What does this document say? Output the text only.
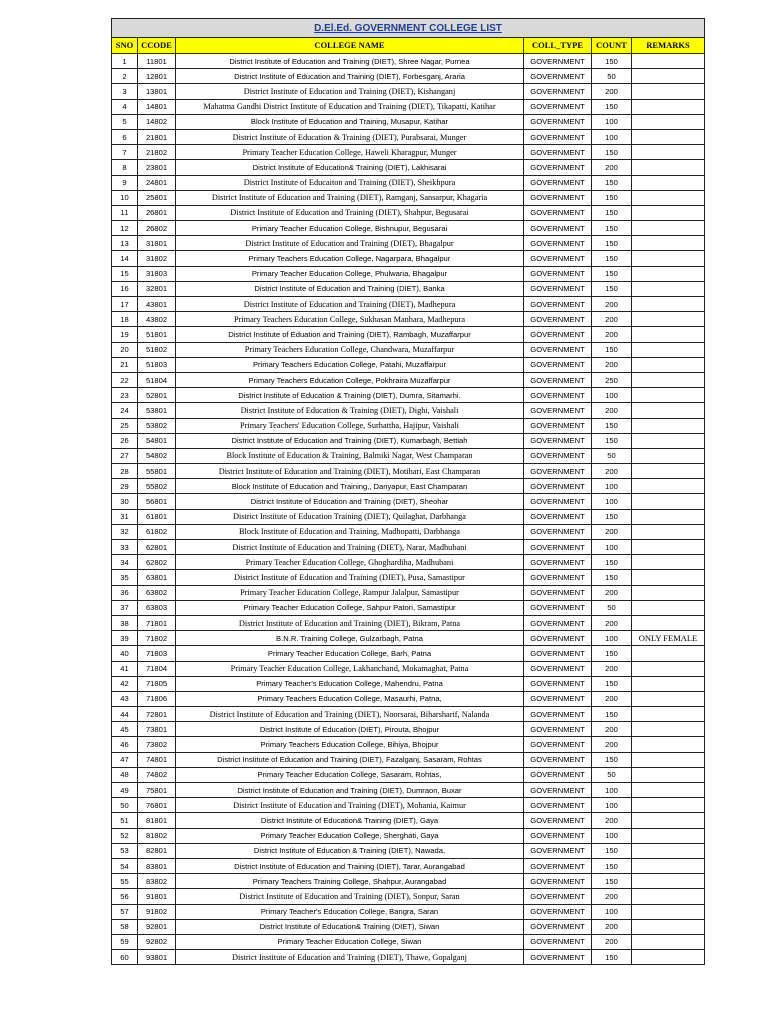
D.El.Ed. GOVERNMENT COLLEGE LIST					
SNO	CCODE	COLLEGE NAME	COLL_TYPE	COUNT	REMARKS
1	11801	District Institute of Education and Training (DIET), Shree Nagar, Purnea	GOVERNMENT	150	
2	12801	District Institute of Education and Training (DIET), Forbesganj, Araria	GOVERNMENT	50	
3	13801	District Institute of Education and Training (DIET), Kishanganj	GOVERNMENT	200	
4	14801	Mahatma Gandhi District Institute of Education and Training (DIET), Tikapatti, Katihar	GOVERNMENT	150	
5	14802	Block Institute of Education and Training, Musapur, Katihar	GOVERNMENT	100	
6	21801	District Institute of Education & Training (DIET), Purabsarai, Munger	GOVERNMENT	100	
7	21802	Primary Teacher Education College, Haweli Kharagpur, Munger	GOVERNMENT	150	
8	23801	District Institute of Education& Training (DIET), Lakhisarai	GOVERNMENT	200	
9	24801	District Institute of Educaiton and Training (DIET), Sheikhpura	GOVERNMENT	150	
10	25801	District Institute of Education and Training (DIET), Ramganj, Sansarpur, Khagaria	GOVERNMENT	150	
11	26801	District Institute of Education and Training (DIET), Shahpur, Begusarai	GOVERNMENT	150	
12	26802	Primary Teacher Education College, Bishnupur, Begusarai	GOVERNMENT	150	
13	31801	District Institute of Education and Training (DIET), Bhagalpur	GOVERNMENT	150	
14	31802	Primary Teachers Education College, Nagarpara, Bhagalpur	GOVERNMENT	150	
15	31803	Primary Teacher Education College, Phulwaria, Bhagalpur	GOVERNMENT	150	
16	32801	District Institute of Education and Training (DIET), Banka	GOVERNMENT	150	
17	43801	District Institute of Education and Training (DIET), Madhepura	GOVERNMENT	200	
18	43802	Primary Teachers Education College, Sukhasan Manhara, Madhepura	GOVERNMENT	200	
19	51801	District Institute of Eduation and Training (DIET), Rambagh, Muzaffarpur	GOVERNMENT	200	
20	51802	Primary Teachers Education College, Chandwara, Muzaffarpur	GOVERNMENT	150	
21	51803	Primary Teachers Education College, Patahi, Muzaffarpur	GOVERNMENT	200	
22	51804	Primary Teachers Education College, Pokhraira Muzaffarpur	GOVERNMENT	250	
23	52801	District Institute of Education & Training (DIET), Dumra, Sitamarhi.	GOVERNMENT	100	
24	53801	District Institute of Education & Training (DIET), Dighi, Vaishali	GOVERNMENT	200	
25	53802	Primary Teachers' Education College, Surhattha, Hajipur, Vaishali	GOVERNMENT	150	
26	54801	District Institute of Education and Training (DIET), Kumarbagh, Bettiah	GOVERNMENT	150	
27	54802	Block Institute of Education & Training, Balmiki Nagar, West Champaran	GOVERNMENT	50	
28	55801	District Institute of Education and Training (DIET), Motihari, East Champaran	GOVERNMENT	200	
29	55802	Block Institute of Education and Training,, Dariyapur, East Champaran	GOVERNMENT	100	
30	56801	District Institute of Education and Training (DIET), Sheohar	GOVERNMENT	100	
31	61801	District Institute of Education Training (DIET), Quilaghat, Darbhanga	GOVERNMENT	150	
32	61802	Block Institute of Education and Training, Madhopatti, Darbhanga	GOVERNMENT	200	
33	62801	District Institute of Education and Training (DIET), Narar, Madhubani	GOVERNMENT	100	
34	62802	Primary Teacher Education College, Ghoghardiha, Madhubani	GOVERNMENT	150	
35	63801	District Institute of Education and Training (DIET), Pusa, Samastipur	GOVERNMENT	150	
36	63802	Primary Teacher Education College, Rampur Jalalpur, Samastipur	GOVERNMENT	200	
37	63803	Primary Teacher Education College, Sahpur Patori, Samastipur	GOVERNMENT	50	
38	71801	District Institute of Education and Training (DIET), Bikram, Patna	GOVERNMENT	200	
39	71802	B.N.R. Training College, Gulzarbagh, Patna	GOVERNMENT	100	ONLY FEMALE
40	71803	Primary Teacher Education College, Barh, Patna	GOVERNMENT	150	
41	71804	Primary Teacher Education College, Lakhanchand, Mokamaghat, Patna	GOVERNMENT	200	
42	71805	Primary Teacher's Education College, Mahendru, Patna	GOVERNMENT	150	
43	71806	Primary Teachers Education College, Masaurhi, Patna,	GOVERNMENT	200	
44	72801	District Institute of Education and Training (DIET), Noorsarai, Biharsharif, Nalanda	GOVERNMENT	150	
45	73801	District Institute of Education (DIET), Pirouta, Bhojpur	GOVERNMENT	200	
46	73802	Primary Teachers Education College, Bihiya, Bhojpur	GOVERNMENT	200	
47	74801	District Institute of Education and Training (DIET), Fazalganj, Sasaram, Rohtas	GOVERNMENT	150	
48	74802	Primary Teacher Education College, Sasaram, Rohtas,	GOVERNMENT	50	
49	75801	District Institute of Education and Training (DIET), Dumraon, Buxar	GOVERNMENT	100	
50	76801	District Institute of Education and Training (DIET), Mohania, Kaimur	GOVERNMENT	100	
51	81801	District Institute of Education& Training (DIET), Gaya	GOVERNMENT	200	
52	81802	Primary Teacher Education College, Sherghati, Gaya	GOVERNMENT	100	
53	82801	District Institute of Education & Training (DIET), Nawada,	GOVERNMENT	150	
54	83801	District Institute of Education and Training (DIET), Tarar, Aurangabad	GOVERNMENT	150	
55	83802	Primary Teachers Training College, Shahpur, Aurangabad	GOVERNMENT	150	
56	91801	District Institute of Education and Training (DIET), Sonpur, Saran	GOVERNMENT	200	
57	91802	Primary Teacher's Education College, Bangra, Saran	GOVERNMENT	100	
58	92801	District Institute of Education& Training (DIET), Siwan	GOVERNMENT	200	
59	92802	Primary Teacher Education College, Siwan	GOVERNMENT	200	
60	93801	District Institute of Education and Training (DIET), Thawe, Gopalganj	GOVERNMENT	150	
